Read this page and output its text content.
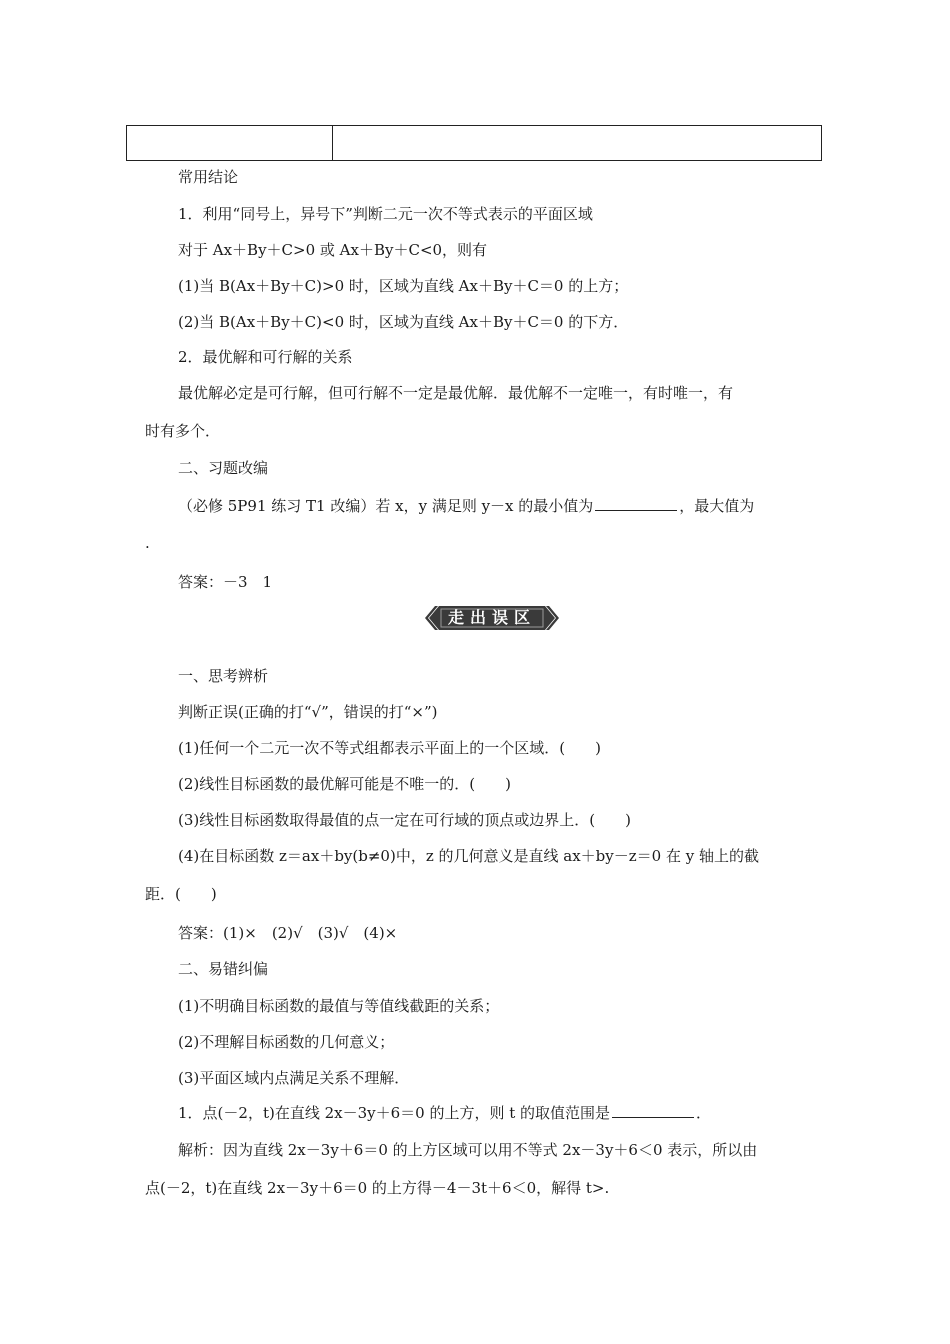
常用结论
1．利用“同号上，异号下”判断二元一次不等式表示的平面区域
对于 Ax＋By＋C>0 或 Ax＋By＋C<0，则有
(1)当 B(Ax＋By＋C)>0 时，区域为直线 Ax＋By＋C＝0 的上方；
(2)当 B(Ax＋By＋C)<0 时，区域为直线 Ax＋By＋C＝0 的下方．
2．最优解和可行解的关系
最优解必定是可行解，但可行解不一定是最优解．最优解不一定唯一，有时唯一，有
时有多个．
二、习题改编
（必修 5P91 练习 T1 改编）若 x，y 满足则 y－x 的最小值为	，最大值为
.
答案：－3　1
走出误区
一、思考辨析
判断正误(正确的打“√”，错误的打“×”)
(1)任何一个二元一次不等式组都表示平面上的一个区域．(　　)
(2)线性目标函数的最优解可能是不唯一的．(　　)
(3)线性目标函数取得最值的点一定在可行域的顶点或边界上．(　　)
(4)在目标函数 z＝ax＋by(b≠0)中，z 的几何意义是直线 ax＋by－z＝0 在 y 轴上的截
距．(　　)
答案：(1)×　(2)√　(3)√　(4)×
二、易错纠偏
(1)不明确目标函数的最值与等值线截距的关系；
(2)不理解目标函数的几何意义；
(3)平面区域内点满足关系不理解．
1．点(－2，t)在直线 2x－3y＋6＝0 的上方，则 t 的取值范围是	．
解析：因为直线 2x－3y＋6＝0 的上方区域可以用不等式 2x－3y＋6＜0 表示，所以由
点(－2，t)在直线 2x－3y＋6＝0 的上方得－4－3t＋6＜0，解得 t>.
